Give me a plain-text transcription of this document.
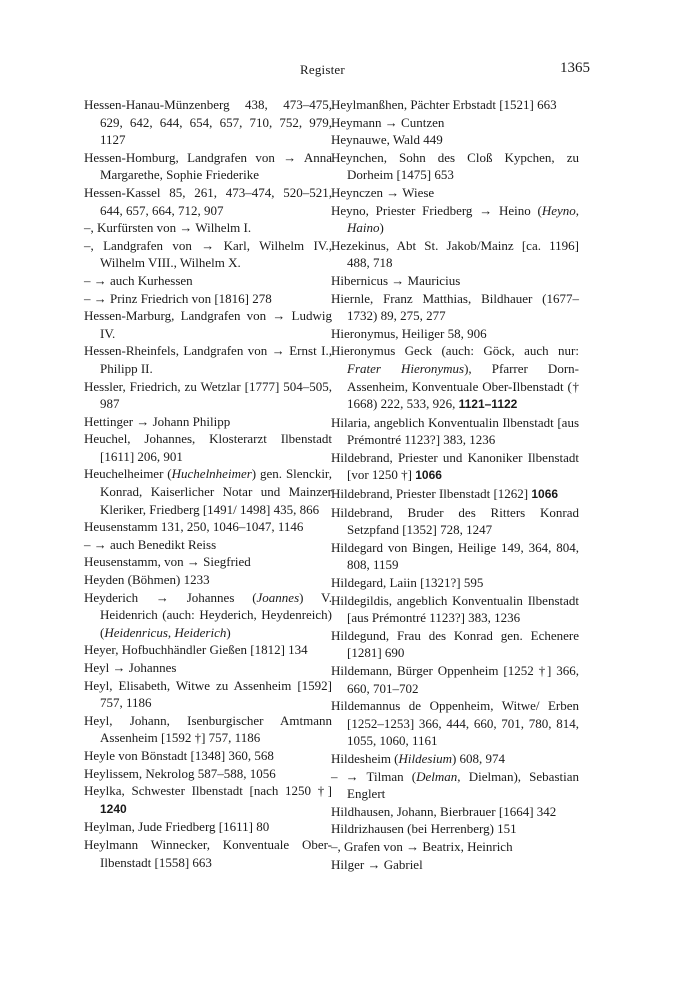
Register	1365

Hessen-Hanau-Münzenberg 438, 473–475, 629, 642, 644, 654, 657, 710, 752, 979, 1127

Hessen-Homburg, Landgrafen von → Anna Margarethe, Sophie Friederike

Hessen-Kassel 85, 261, 473–474, 520–521, 644, 657, 664, 712, 907

–, Kurfürsten von → Wilhelm I.

–, Landgrafen von → Karl, Wilhelm IV., Wilhelm VIII., Wilhelm X.

– → auch Kurhessen

– → Prinz Friedrich von [1816] 278

Hessen-Marburg, Landgrafen von → Ludwig IV.

Hessen-Rheinfels, Landgrafen von → Ernst I., Philipp II.

Hessler, Friedrich, zu Wetzlar [1777] 504–505, 987

Hettinger → Johann Philipp

Heuchel, Johannes, Klosterarzt Ilbenstadt [1611] 206, 901

Heuchelheimer (Huchelnheimer) gen. Slenckir, Konrad, Kaiserlicher Notar und Mainzer Kleriker, Friedberg [1491/ 1498] 435, 866

Heusenstamm 131, 250, 1046–1047, 1146

– → auch Benedikt Reiss

Heusenstamm, von → Siegfried

Heyden (Böhmen) 1233

Heyderich → Johannes (Joannes) V. Heidenrich (auch: Heyderich, Heydenreich) (Heidenricus, Heiderich)

Heyer, Hofbuchhändler Gießen [1812] 134

Heyl → Johannes

Heyl, Elisabeth, Witwe zu Assenheim [1592] 757, 1186

Heyl, Johann, Isenburgischer Amtmann Assenheim [1592 †] 757, 1186

Heyle von Bönstadt [1348] 360, 568

Heylissem, Nekrolog 587–588, 1056

Heylka, Schwester Ilbenstadt [nach 1250 †] 1240

Heylman, Jude Friedberg [1611] 80

Heylmann Winnecker, Konventuale Ober-Ilbenstadt [1558] 663

Heylmanßhen, Pächter Erbstadt [1521] 663

Heymann → Cuntzen

Heynauwe, Wald 449

Heynchen, Sohn des Cloß Kypchen, zu Dorheim [1475] 653

Heynczen → Wiese

Heyno, Priester Friedberg → Heino (Heyno, Haino)

Hezekinus, Abt St. Jakob/Mainz [ca. 1196] 488, 718

Hibernicus → Mauricius

Hiernle, Franz Matthias, Bildhauer (1677–1732) 89, 275, 277

Hieronymus, Heiliger 58, 906

Hieronymus Geck (auch: Göck, auch nur: Frater Hieronymus), Pfarrer Dorn-Assenheim, Konventuale Ober-Ilbenstadt († 1668) 222, 533, 926, 1121–1122

Hilaria, angeblich Konventualin Ilbenstadt [aus Prémontré 1123?] 383, 1236

Hildebrand, Priester und Kanoniker Ilbenstadt [vor 1250 †] 1066

Hildebrand, Priester Ilbenstadt [1262] 1066

Hildebrand, Bruder des Ritters Konrad Setzpfand [1352] 728, 1247

Hildegard von Bingen, Heilige 149, 364, 804, 808, 1159

Hildegard, Laiin [1321?] 595

Hildegildis, angeblich Konventualin Ilbenstadt [aus Prémontré 1123?] 383, 1236

Hildegund, Frau des Konrad gen. Echenere [1281] 690

Hildemann, Bürger Oppenheim [1252 †] 366, 660, 701–702

Hildemannus de Oppenheim, Witwe/ Erben [1252–1253] 366, 444, 660, 701, 780, 814, 1055, 1060, 1161

Hildesheim (Hildesium) 608, 974

– → Tilman (Delman, Dielman), Sebastian Englert

Hildhausen, Johann, Bierbrauer [1664] 342

Hildrizhausen (bei Herrenberg) 151

–, Grafen von → Beatrix, Heinrich

Hilger → Gabriel
